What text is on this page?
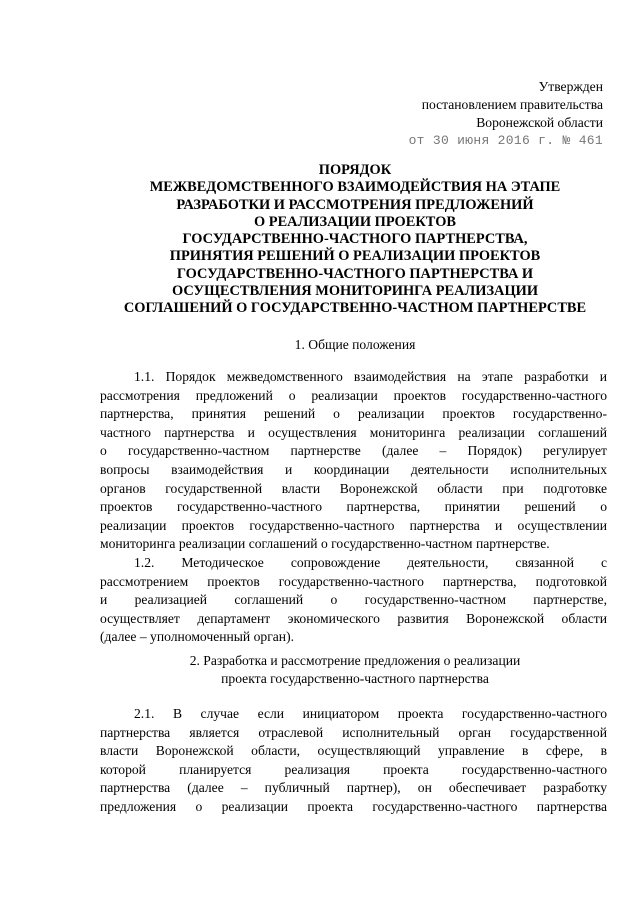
Утвержден
постановлением правительства
Воронежской области
от 30 июня 2016 г. № 461
ПОРЯДОК
МЕЖВЕДОМСТВЕННОГО ВЗАИМОДЕЙСТВИЯ НА ЭТАПЕ
РАЗРАБОТКИ И РАССМОТРЕНИЯ ПРЕДЛОЖЕНИЙ
О РЕАЛИЗАЦИИ ПРОЕКТОВ
ГОСУДАРСТВЕННО-ЧАСТНОГО ПАРТНЕРСТВА,
ПРИНЯТИЯ РЕШЕНИЙ О РЕАЛИЗАЦИИ ПРОЕКТОВ
ГОСУДАРСТВЕННО-ЧАСТНОГО ПАРТНЕРСТВА И
ОСУЩЕСТВЛЕНИЯ МОНИТОРИНГА РЕАЛИЗАЦИИ
СОГЛАШЕНИЙ О ГОСУДАРСТВЕННО-ЧАСТНОМ ПАРТНЕРСТВЕ
1. Общие положения
1.1. Порядок межведомственного взаимодействия на этапе разработки и
рассмотрения предложений о реализации проектов государственно-частного
партнерства, принятия решений о реализации проектов государственно-
частного партнерства и осуществления мониторинга реализации соглашений
о государственно-частном партнерстве (далее – Порядок) регулирует
вопросы взаимодействия и координации деятельности исполнительных
органов государственной власти Воронежской области при подготовке
проектов государственно-частного партнерства, принятии решений о
реализации проектов государственно-частного партнерства и осуществлении
мониторинга реализации соглашений о государственно-частном партнерстве.
1.2. Методическое сопровождение деятельности, связанной с
рассмотрением проектов государственно-частного партнерства, подготовкой
и реализацией соглашений о государственно-частном партнерстве,
осуществляет департамент экономического развития Воронежской области
(далее – уполномоченный орган).
2. Разработка и рассмотрение предложения о реализации
проекта государственно-частного партнерства
2.1. В случае если инициатором проекта государственно-частного
партнерства является отраслевой исполнительный орган государственной
власти Воронежской области, осуществляющий управление в сфере, в
которой планируется реализация проекта государственно-частного
партнерства (далее – публичный партнер), он обеспечивает разработку
предложения о реализации проекта государственно-частного партнерства
